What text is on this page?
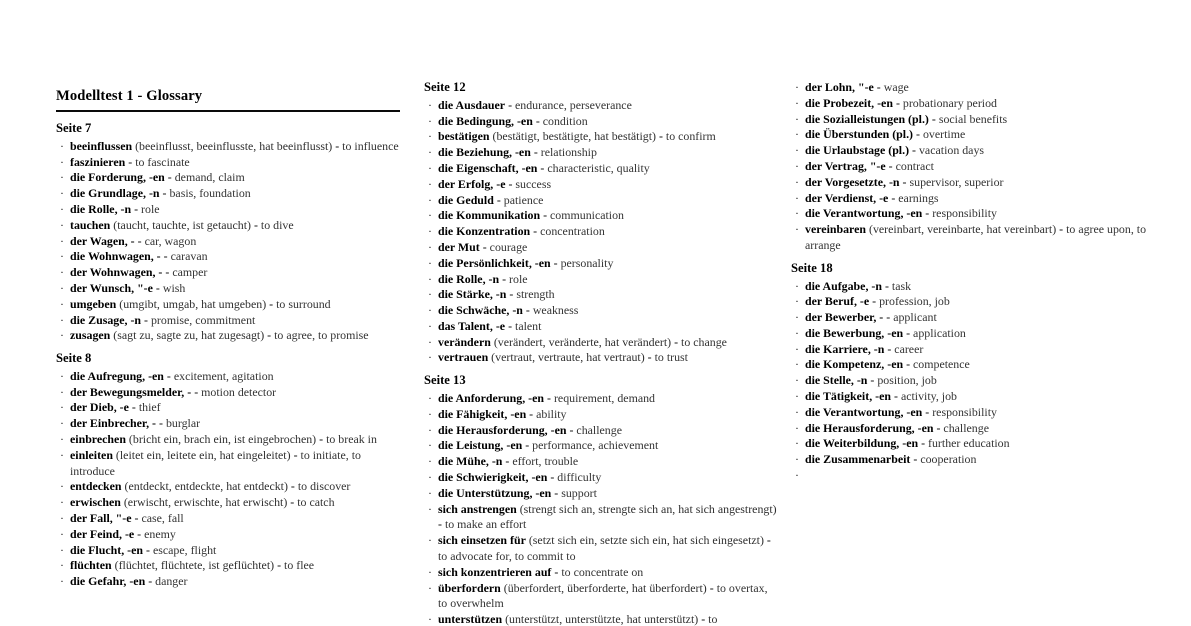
Modelltest 1 - Glossary
Seite 7
· beeinflussen (beeinflusst, beeinflusste, hat beeinflusst) - to influence
· faszinieren - to fascinate
· die Forderung, -en - demand, claim
· die Grundlage, -n - basis, foundation
· die Rolle, -n - role
· tauchen (taucht, tauchte, ist getaucht) - to dive
· der Wagen, - - car, wagon
· die Wohnwagen, - - caravan
· der Wohnwagen, - - camper
· der Wunsch, "-e - wish
· umgeben (umgibt, umgab, hat umgeben) - to surround
· die Zusage, -n - promise, commitment
· zusagen (sagt zu, sagte zu, hat zugesagt) - to agree, to promise
Seite 8
· die Aufregung, -en - excitement, agitation
· der Bewegungsmelder, - - motion detector
· der Dieb, -e - thief
· der Einbrecher, - - burglar
· einbrechen (bricht ein, brach ein, ist eingebrochen) - to break in
· einleiten (leitet ein, leitete ein, hat eingeleitet) - to initiate, to introduce
· entdecken (entdeckt, entdeckte, hat entdeckt) - to discover
· erwischen (erwischt, erwischte, hat erwischt) - to catch
· der Fall, "-e - case, fall
· der Feind, -e - enemy
· die Flucht, -en - escape, flight
· flüchten (flüchtet, flüchtete, ist geflüchtet) - to flee
· die Gefahr, -en - danger
Seite 12
· die Ausdauer - endurance, perseverance
· die Bedingung, -en - condition
· bestätigen (bestätigt, bestätigte, hat bestätigt) - to confirm
· die Beziehung, -en - relationship
· die Eigenschaft, -en - characteristic, quality
· der Erfolg, -e - success
· die Geduld - patience
· die Kommunikation - communication
· die Konzentration - concentration
· der Mut - courage
· die Persönlichkeit, -en - personality
· die Rolle, -n - role
· die Stärke, -n - strength
· die Schwäche, -n - weakness
· das Talent, -e - talent
· verändern (verändert, veränderte, hat verändert) - to change
· vertrauen (vertraut, vertraute, hat vertraut) - to trust
Seite 13
· die Anforderung, -en - requirement, demand
· die Fähigkeit, -en - ability
· die Herausforderung, -en - challenge
· die Leistung, -en - performance, achievement
· die Mühe, -n - effort, trouble
· die Schwierigkeit, -en - difficulty
· die Unterstützung, -en - support
· sich anstrengen (strengt sich an, strengte sich an, hat sich angestrengt) - to make an effort
· sich einsetzen für (setzt sich ein, setzte sich ein, hat sich eingesetzt) - to advocate for, to commit to
· sich konzentrieren auf - to concentrate on
· überfordern (überfordert, überforderte, hat überfordert) - to overtax, to overwhelm
· unterstützen (unterstützt, unterstützte, hat unterstützt) - to
· der Lohn, "-e - wage
· die Probezeit, -en - probationary period
· die Sozialleistungen (pl.) - social benefits
· die Überstunden (pl.) - overtime
· die Urlaubstage (pl.) - vacation days
· der Vertrag, "-e - contract
· der Vorgesetzte, -n - supervisor, superior
· der Verdienst, -e - earnings
· die Verantwortung, -en - responsibility
· vereinbaren (vereinbart, vereinbarte, hat vereinbart) - to agree upon, to arrange
Seite 18
· die Aufgabe, -n - task
· der Beruf, -e - profession, job
· der Bewerber, - - applicant
· die Bewerbung, -en - application
· die Karriere, -n - career
· die Kompetenz, -en - competence
· die Stelle, -n - position, job
· die Tätigkeit, -en - activity, job
· die Verantwortung, -en - responsibility
· die Herausforderung, -en - challenge
· die Weiterbildung, -en - further education
· die Zusammenarbeit - cooperation
·
